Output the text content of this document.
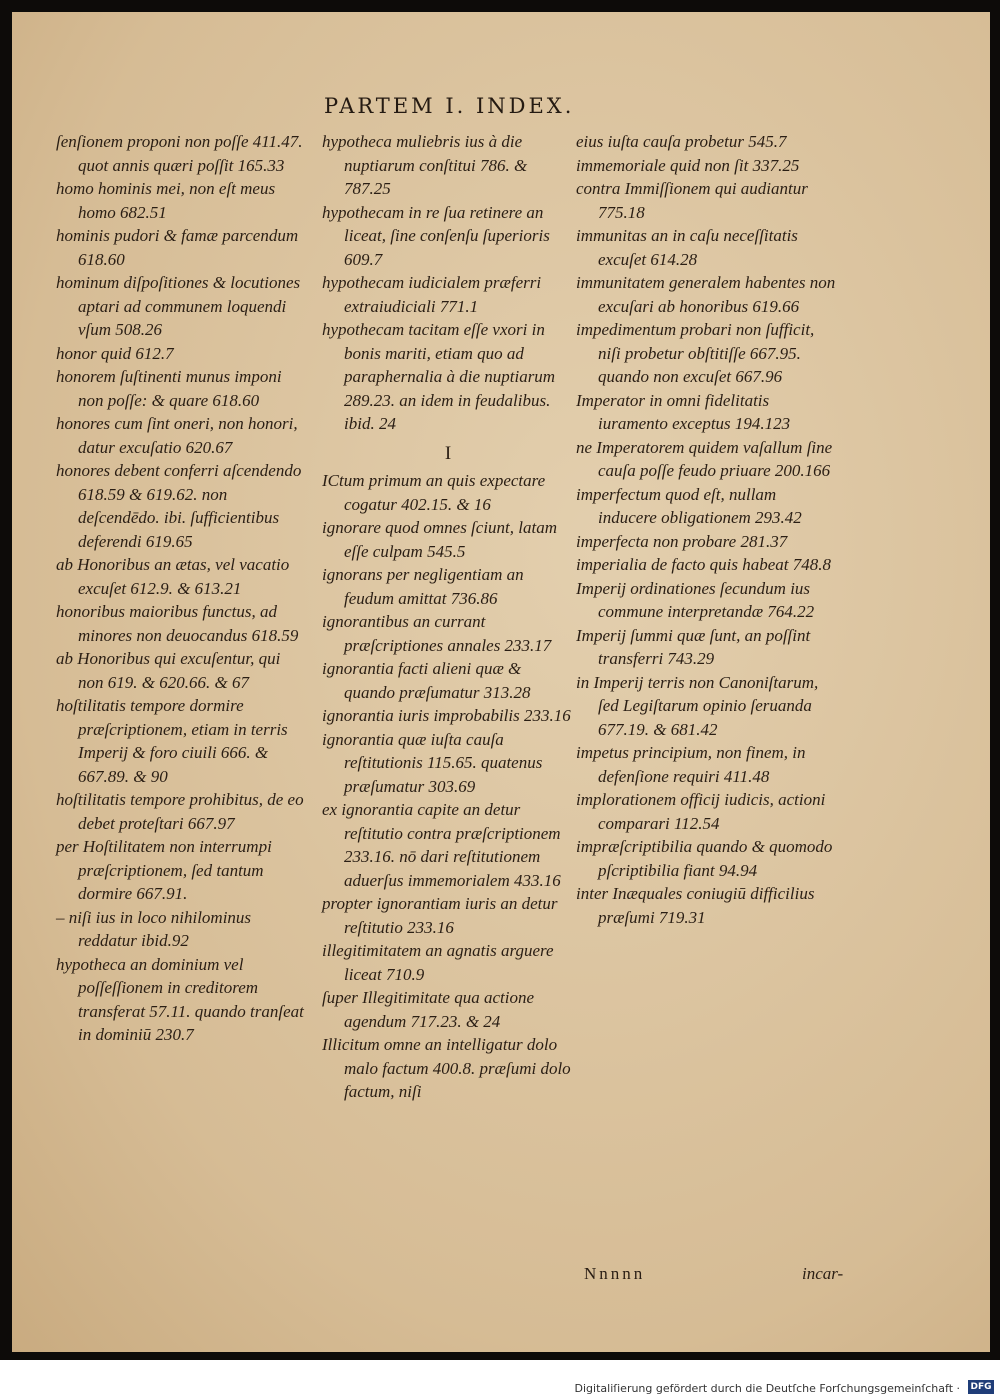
PARTEM I. INDEX.

ſenſionem proponi non poſſe 411.47. quot annis quæri poſſit 165.33

homo hominis mei, non eſt meus homo 682.51

hominis pudori & famæ parcendum 618.60

hominum diſpoſitiones & locutiones aptari ad communem loquendi vſum 508.26

honor quid 612.7

honorem ſuſtinenti munus imponi non poſſe: & quare 618.60

honores cum ſint oneri, non honori, datur excuſatio 620.67

honores debent conferri aſcendendo 618.59 & 619.62. non deſcendēdo. ibi. ſufficientibus deferendi 619.65

ab Honoribus an ætas, vel vacatio excuſet 612.9. & 613.21

honoribus maioribus functus, ad minores non deuocandus 618.59

ab Honoribus qui excuſentur, qui non 619. & 620.66. & 67

hoſtilitatis tempore dormire præſcriptionem, etiam in terris Imperij & foro ciuili 666. & 667.89. & 90

hoſtilitatis tempore prohibitus, de eo debet proteſtari 667.97

per Hoſtilitatem non interrumpi præſcriptionem, ſed tantum dormire 667.91.

– niſi ius in loco nihilominus reddatur ibid.92

hypotheca an dominium vel poſſeſſionem in creditorem transferat 57.11. quando tranſeat in dominiū 230.7

hypotheca muliebris ius à die nuptiarum conſtitui 786. & 787.25

hypothecam in re ſua retinere an liceat, ſine conſenſu ſuperioris 609.7

hypothecam iudicialem præferri extraiudiciali 771.1

hypothecam tacitam eſſe vxori in bonis mariti, etiam quo ad paraphernalia à die nuptiarum 289.23. an idem in feudalibus. ibid. 24

I

ICtum primum an quis expectare cogatur 402.15. & 16

ignorare quod omnes ſciunt, latam eſſe culpam 545.5

ignorans per negligentiam an feudum amittat 736.86

ignorantibus an currant præſcriptiones annales 233.17

ignorantia facti alieni quæ & quando præſumatur 313.28

ignorantia iuris improbabilis 233.16

ignorantia quæ iuſta cauſa reſtitutionis 115.65. quatenus præſumatur 303.69

ex ignorantia capite an detur reſtitutio contra præſcriptionem 233.16. nō dari reſtitutionem aduerſus immemorialem 433.16

propter ignorantiam iuris an detur reſtitutio 233.16

illegitimitatem an agnatis arguere liceat 710.9

ſuper Illegitimitate qua actione agendum 717.23. & 24

Illicitum omne an intelligatur dolo malo factum 400.8. præſumi dolo factum, niſi

eius iuſta cauſa probetur 545.7

immemoriale quid non ſit 337.25

contra Immiſſionem qui audiantur 775.18

immunitas an in caſu neceſſitatis excuſet 614.28

immunitatem generalem habentes non excuſari ab honoribus 619.66

impedimentum probari non ſufficit, niſi probetur obſtitiſſe 667.95. quando non excuſet 667.96

Imperator in omni fidelitatis iuramento exceptus 194.123

ne Imperatorem quidem vaſallum ſine cauſa poſſe feudo priuare 200.166

imperfectum quod eſt, nullam inducere obligationem 293.42

imperfecta non probare 281.37

imperialia de facto quis habeat 748.8

Imperij ordinationes ſecundum ius commune interpretandæ 764.22

Imperij ſummi quæ ſunt, an poſſint transferri 743.29

in Imperij terris non Canoniſtarum, ſed Legiſtarum opinio ſeruanda 677.19. & 681.42

impetus principium, non finem, in defenſione requiri 411.48

implorationem officij iudicis, actioni comparari 112.54

impræſcriptibilia quando & quomodo pſcriptibilia fiant 94.94

inter Inæquales coniugiū difficilius præſumi 719.31

Nnnnn	incar-
Digitaliſierung gefördert durch die Deutſche Forſchungsgemeinſchaft · DFG
